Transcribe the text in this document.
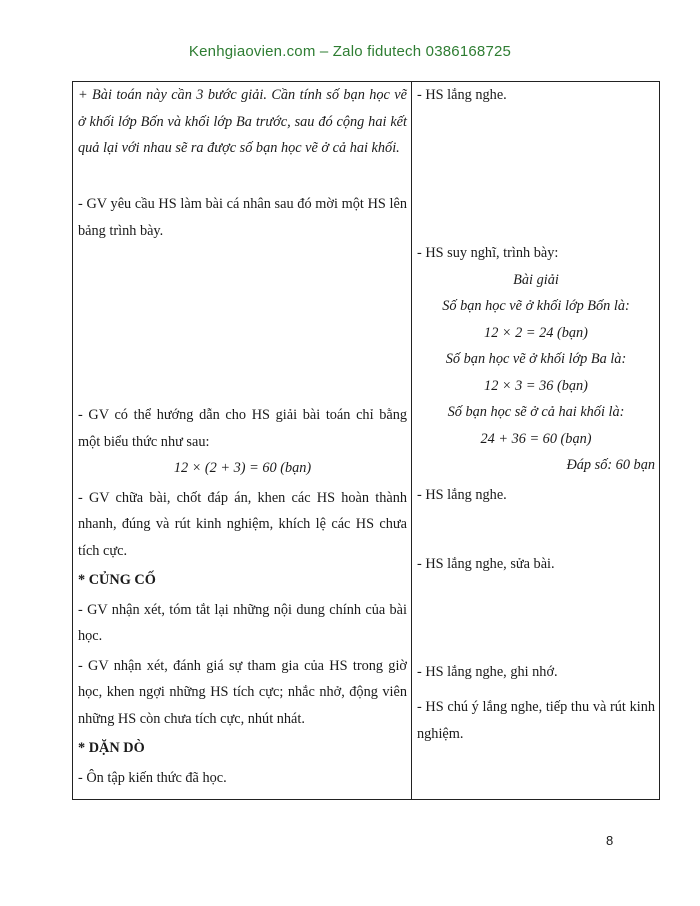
Kenhgiaovien.com – Zalo fidutech 0386168725

+ Bài toán này cần 3 bước giải. Cần tính số bạn học vẽ ở khối lớp Bốn và khối lớp Ba trước, sau đó cộng hai kết quả lại với nhau sẽ ra được số bạn học vẽ ở cả hai khối.

- GV yêu cầu HS làm bài cá nhân sau đó mời một HS lên bảng trình bày.

- GV có thể hướng dẫn cho HS giải bài toán chỉ bằng một biểu thức như sau:

12 × (2 + 3) = 60 (bạn)

- GV chữa bài, chốt đáp án, khen các HS hoàn thành nhanh, đúng và rút kinh nghiệm, khích lệ các HS chưa tích cực.

* CỦNG CỐ

- GV nhận xét, tóm tắt lại những nội dung chính của bài học.

- GV nhận xét, đánh giá sự tham gia của HS trong giờ học, khen ngợi những HS tích cực; nhắc nhở, động viên những HS còn chưa tích cực, nhút nhát.

* DẶN DÒ

- Ôn tập kiến thức đã học.

- HS lắng nghe.

- HS suy nghĩ, trình bày:

Bài giải

Số bạn học vẽ ở khối lớp Bốn là:

12 × 2 = 24 (bạn)

Số bạn học vẽ ở khối lớp Ba là:

12 × 3 = 36 (bạn)

Số bạn học sẽ ở cả hai khối là:

24 + 36 = 60 (bạn)

Đáp số: 60 bạn

- HS lắng nghe.

- HS lắng nghe, sửa bài.

- HS lắng nghe, ghi nhớ.

- HS chú ý lắng nghe, tiếp thu và rút kinh nghiệm.

8
